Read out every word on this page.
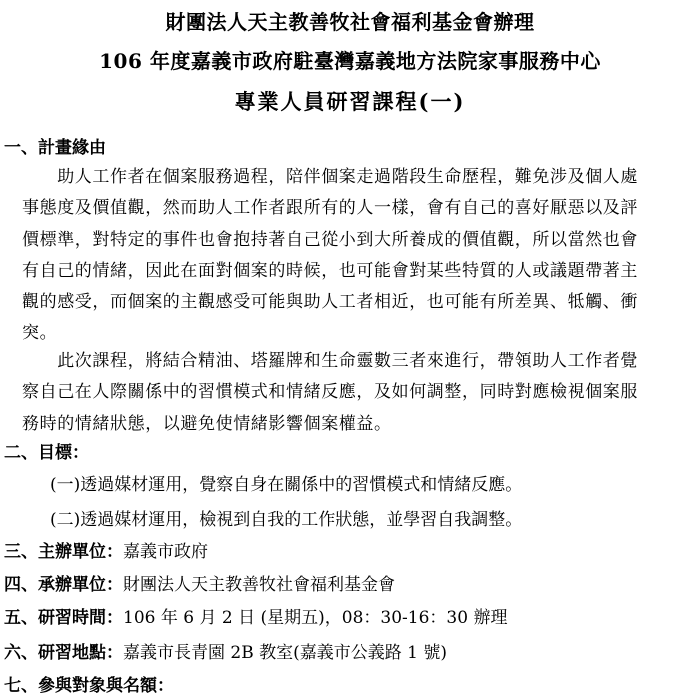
財團法人天主教善牧社會福利基金會辦理
106 年度嘉義市政府駐臺灣嘉義地方法院家事服務中心
專業人員研習課程(一)
一、計畫緣由
　　助人工作者在個案服務過程，陪伴個案走過階段生命歷程，難免涉及個人處
事態度及價值觀，然而助人工作者跟所有的人一樣，會有自己的喜好厭惡以及評
價標準，對特定的事件也會抱持著自己從小到大所養成的價值觀，所以當然也會
有自己的情緒，因此在面對個案的時候，也可能會對某些特質的人或議題帶著主
觀的感受，而個案的主觀感受可能與助人工者相近，也可能有所差異、牴觸、衝
突。
　　此次課程，將結合精油、塔羅牌和生命靈數三者來進行，帶領助人工作者覺
察自己在人際關係中的習慣模式和情緒反應，及如何調整，同時對應檢視個案服
務時的情緒狀態，以避免使情緒影響個案權益。
二、目標：
(一)透過媒材運用，覺察自身在關係中的習慣模式和情緒反應。
(二)透過媒材運用，檢視到自我的工作狀態，並學習自我調整。
三、主辦單位：嘉義市政府
四、承辦單位：財團法人天主教善牧社會福利基金會
五、研習時間：106 年 6 月 2 日 (星期五)，08：30-16：30 辦理
六、研習地點：嘉義市長青園 2B 教室(嘉義市公義路 1 號)
七、參與對象與名額：
